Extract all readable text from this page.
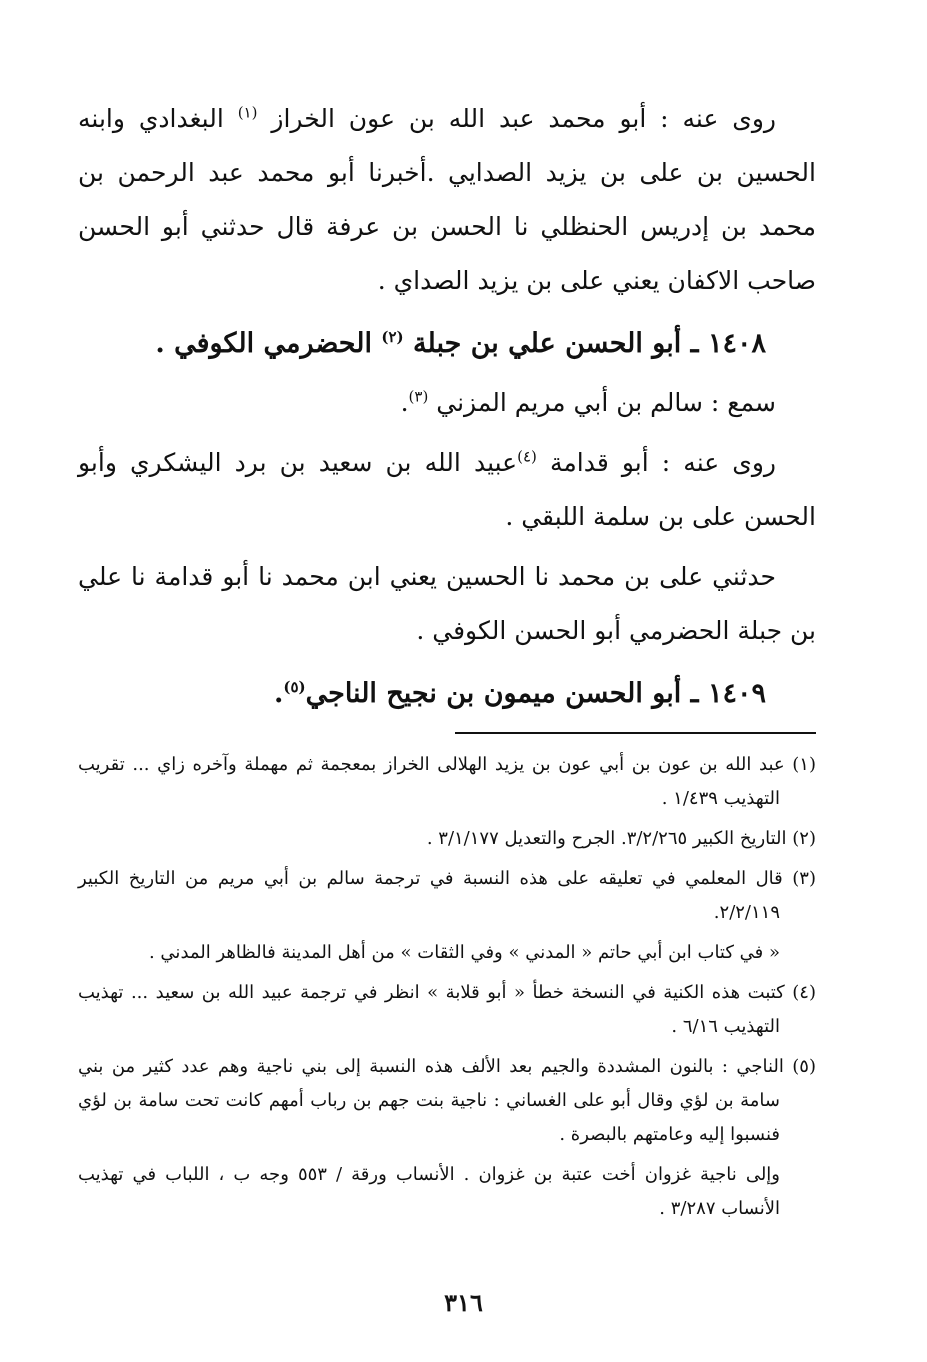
روى عنه : أبو محمد عبد الله بن عون الخراز $^{(١)}$ البغدادي وابنه الحسين بن على بن يزيد الصدايي .أخبرنا أبو محمد عبد الرحمن بن محمد بن إدريس الحنظلي نا الحسن بن عرفة قال حدثني أبو الحسن صاحب الاكفان يعني على بن يزيد الصداي .

١٤٠٨ ـ أبو الحسن علي بن جبلة $^{(٢)}$ الحضرمي الكوفي .

سمع : سالم بن أبي مريم المزني $^{(٣)}$.

روى عنه : أبو قدامة $^{(٤)}$عبيد الله بن سعيد بن برد اليشكري وأبو الحسن على بن سلمة اللبقي .

حدثني على بن محمد نا الحسين يعني ابن محمد نا أبو قدامة نا علي بن جبلة الحضرمي أبو الحسن الكوفي .

١٤٠٩ ـ أبو الحسن ميمون بن نجيح الناجي$^{(٥)}$.

(١) عبد الله بن عون بن أبي عون بن يزيد الهلالى الخراز بمعجمة ثم مهملة وآخره زاي ... تقريب التهذيب ١/٤٣٩ .

(٢) التاريخ الكبير ٣/٢/٢٦٥. الجرح والتعديل ٣/١/١٧٧ .

(٣) قال المعلمي في تعليقه على هذه النسبة في ترجمة سالم بن أبي مريم من التاريخ الكبير ٢/٢/١١٩.

« في كتاب ابن أبي حاتم « المدني » وفي الثقات » من أهل المدينة فالظاهر المدني .

(٤) كتبت هذه الكنية في النسخة خطأ « أبو قلابة » انظر في ترجمة عبيد الله بن سعيد ... تهذيب التهذيب ٦/١٦ .

(٥) الناجي : بالنون المشددة والجيم بعد الألف هذه النسبة إلى بني ناجية وهم عدد كثير من بني سامة بن لؤي وقال أبو على الغساني : ناجية بنت جهم بن رباب أمهم كانت تحت سامة بن لؤي فنسبوا إليه وعامتهم بالبصرة .

وإلى ناجية غزوان أخت عتبة بن غزوان . الأنساب ورقة / ٥٥٣ وجه ب ، اللباب في تهذيب الأنساب ٣/٢٨٧ .

٣١٦
